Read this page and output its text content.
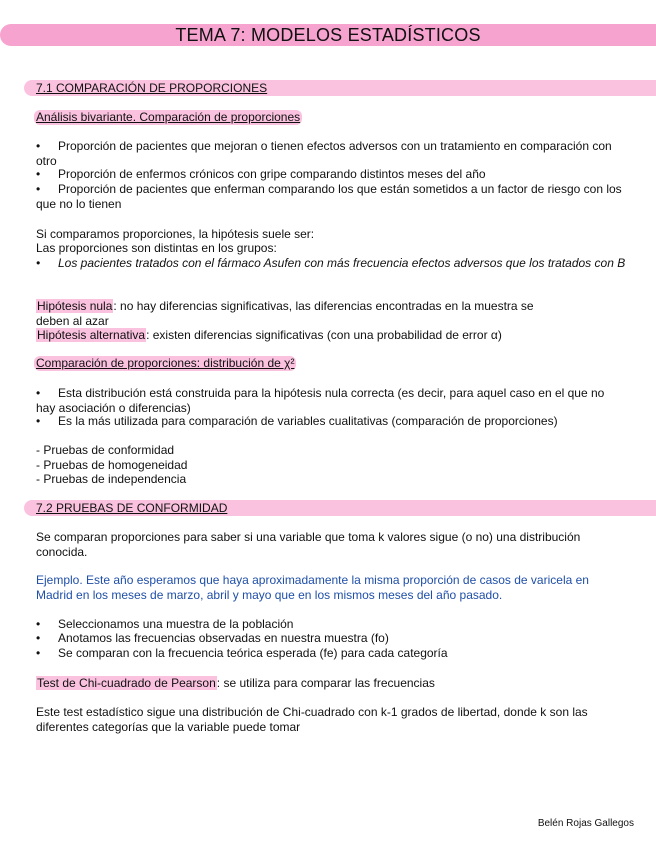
TEMA 7: MODELOS ESTADÍSTICOS
7.1 COMPARACIÓN DE PROPORCIONES
Análisis bivariante. Comparación de proporciones
• Proporción de pacientes que mejoran o tienen efectos adversos con un tratamiento en comparación con otro
• Proporción de enfermos crónicos con gripe comparando distintos meses del año
• Proporción de pacientes que enferman comparando los que están sometidos a un factor de riesgo con los que no lo tienen
Si comparamos proporciones, la hipótesis suele ser:
Las proporciones son distintas en los grupos:
• Los pacientes tratados con el fármaco Asufen con más frecuencia efectos adversos que los tratados con B
Hipótesis nula: no hay diferencias significativas, las diferencias encontradas en la muestra se deben al azar
Hipótesis alternativa: existen diferencias significativas (con una probabilidad de error α)
Comparación de proporciones: distribución de χ²
• Esta distribución está construida para la hipótesis nula correcta (es decir, para aquel caso en el que no hay asociación o diferencias)
• Es la más utilizada para comparación de variables cualitativas (comparación de proporciones)
- Pruebas de conformidad
- Pruebas de homogeneidad
- Pruebas de independencia
7.2 PRUEBAS DE CONFORMIDAD
Se comparan proporciones para saber si una variable que toma k valores sigue (o no) una distribución conocida.
Ejemplo. Este año esperamos que haya aproximadamente la misma proporción de casos de varicela en Madrid en los meses de marzo, abril y mayo que en los mismos meses del año pasado.
• Seleccionamos una muestra de la población
• Anotamos las frecuencias observadas en nuestra muestra (fo)
• Se comparan con la frecuencia teórica esperada (fe) para cada categoría
Test de Chi-cuadrado de Pearson: se utiliza para comparar las frecuencias
Este test estadístico sigue una distribución de Chi-cuadrado con k-1 grados de libertad, donde k son las diferentes categorías que la variable puede tomar
Belén Rojas Gallegos
